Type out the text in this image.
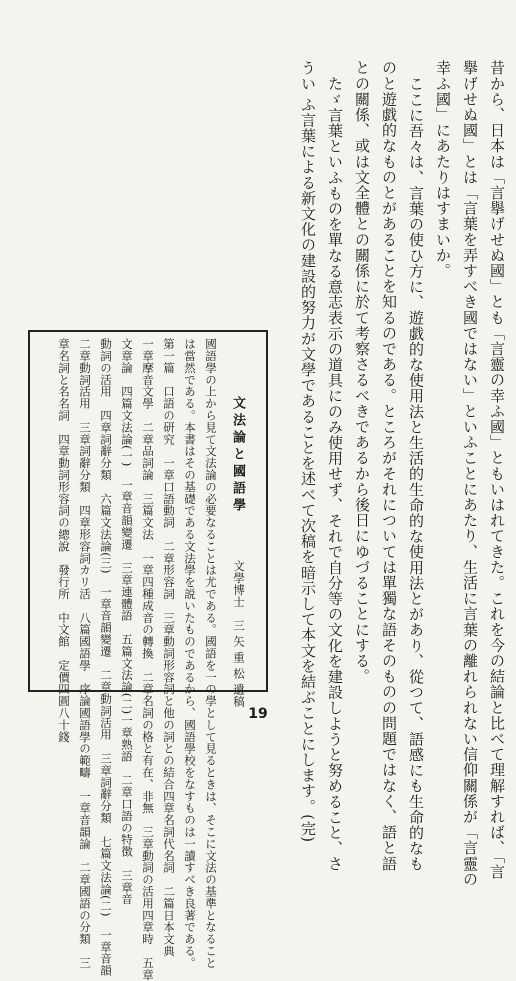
昔から、日本は「言擧げせぬ國」とも「言靈の幸ふ國」ともいはれてきた。これを今の結論と比べて理解すれば、「言
擧げせぬ國」とは「言葉を弄すべき國ではない」といふことにあたり、生活に言葉の離れられない信仰關係が「言靈の
幸ふ國」にあたりはすまいか。
ここに吾々は、言葉の使ひ方に、遊戯的な使用法と生活的生命的な使用法とがあり、從つて、語感にも生命的なも
のと遊戯的なものとがあることを知るのである。ところがそれについては單獨な語そのものの問題ではなく、語と語
との關係、或は文全體との關係に於て考察さるべきであるから後日にゆづることにする。
たゞ言葉といふものを單なる意志表示の道具にのみ使用せず、それで自分等の文化を建設しようと努めること、さ
うい ふ言葉による新文化の建設的努力が文學であることを述べて次稿を暗示して本文を結ぶことにします。(完)
文法論と國語學
文學博士　三 矢 重 松 遺稿
國語學の上から見て文法論の必要なることは尤である。國語を一の學として見るときは、そこに文法の基準となること
は當然である。本書はその基礎である文法學を説いたものであるから、國語學校をなすものは一讀すべき良著である。
第一篇　口語の研究　一章口語動詞　二章形容詞　三章動詞形容詞と他の詞との結合四章名詞代名詞　二篇日本文典
一章摩音文學　二章品詞論　三篇文法　一章四種成音の轉換　二章名詞の格と有在、非無　三章動詞の活用四章時　五章
文章論　四篇文法論(一)　一章音韻變遷　三章連體語　五篇文法論(二)一章熟語　二章口語の特徴　三章音
動詞の活用　四章詞辭分類　六篇文法論(三)　一章音韻變遷　二章動詞活用　三章詞辭分類　七篇文法論(二)　一章音韻
二章動詞活用　三章詞辭分類　四章形容詞カリ活　八篇國語學　序論國語學の範疇　一章音韻論　二章國語の分類　三
章名詞と名名詞　四章動詞形容詞の總說　發行所　中文館　定價四圓八十錢	19
